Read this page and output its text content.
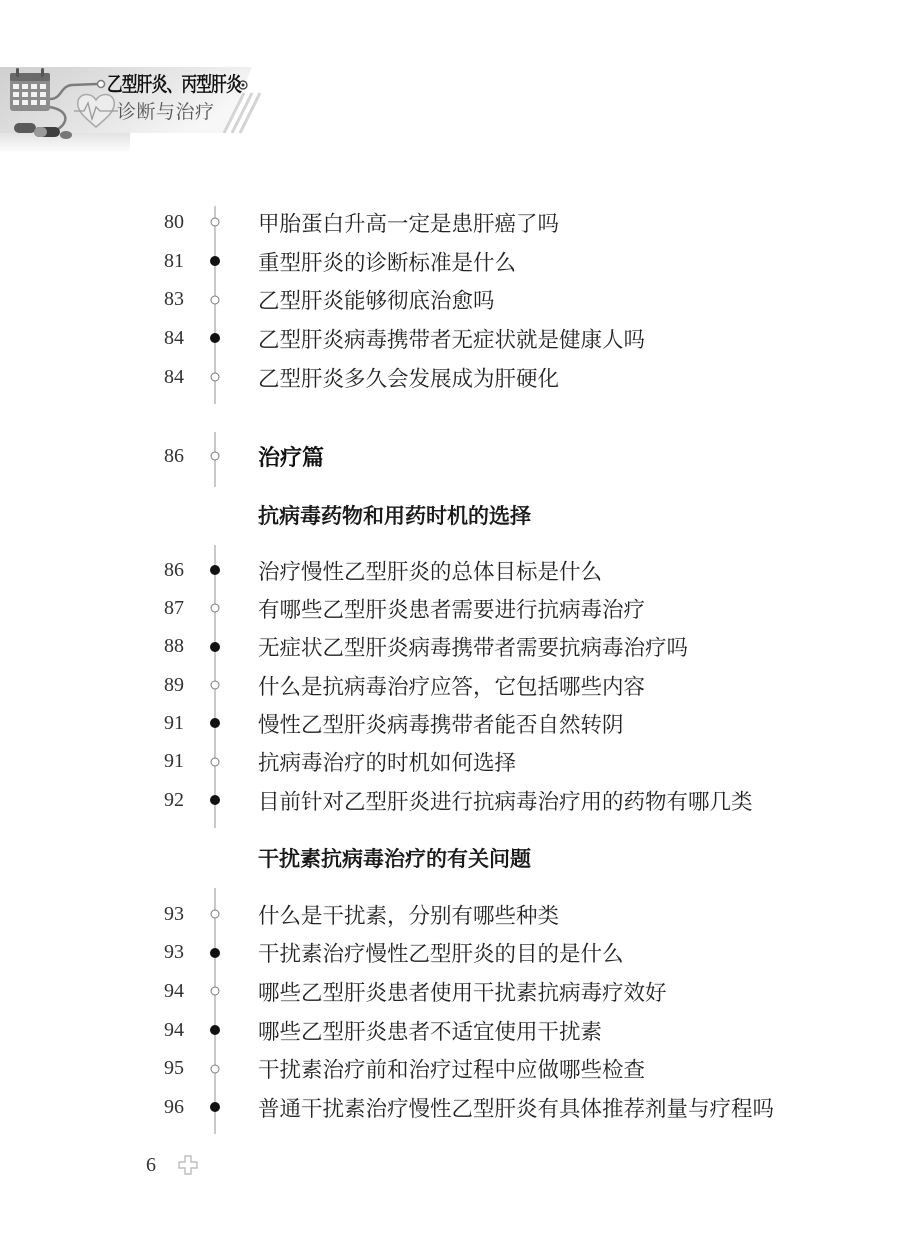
乙型肝炎、丙型肝炎
诊断与治疗
80	甲胎蛋白升高一定是患肝癌了吗
81	重型肝炎的诊断标准是什么
83	乙型肝炎能够彻底治愈吗
84	乙型肝炎病毒携带者无症状就是健康人吗
84	乙型肝炎多久会发展成为肝硬化
86	治疗篇
抗病毒药物和用药时机的选择
86	治疗慢性乙型肝炎的总体目标是什么
87	有哪些乙型肝炎患者需要进行抗病毒治疗
88	无症状乙型肝炎病毒携带者需要抗病毒治疗吗
89	什么是抗病毒治疗应答，它包括哪些内容
91	慢性乙型肝炎病毒携带者能否自然转阴
91	抗病毒治疗的时机如何选择
92	目前针对乙型肝炎进行抗病毒治疗用的药物有哪几类
干扰素抗病毒治疗的有关问题
93	什么是干扰素，分别有哪些种类
93	干扰素治疗慢性乙型肝炎的目的是什么
94	哪些乙型肝炎患者使用干扰素抗病毒疗效好
94	哪些乙型肝炎患者不适宜使用干扰素
95	干扰素治疗前和治疗过程中应做哪些检查
96	普通干扰素治疗慢性乙型肝炎有具体推荐剂量与疗程吗
6
